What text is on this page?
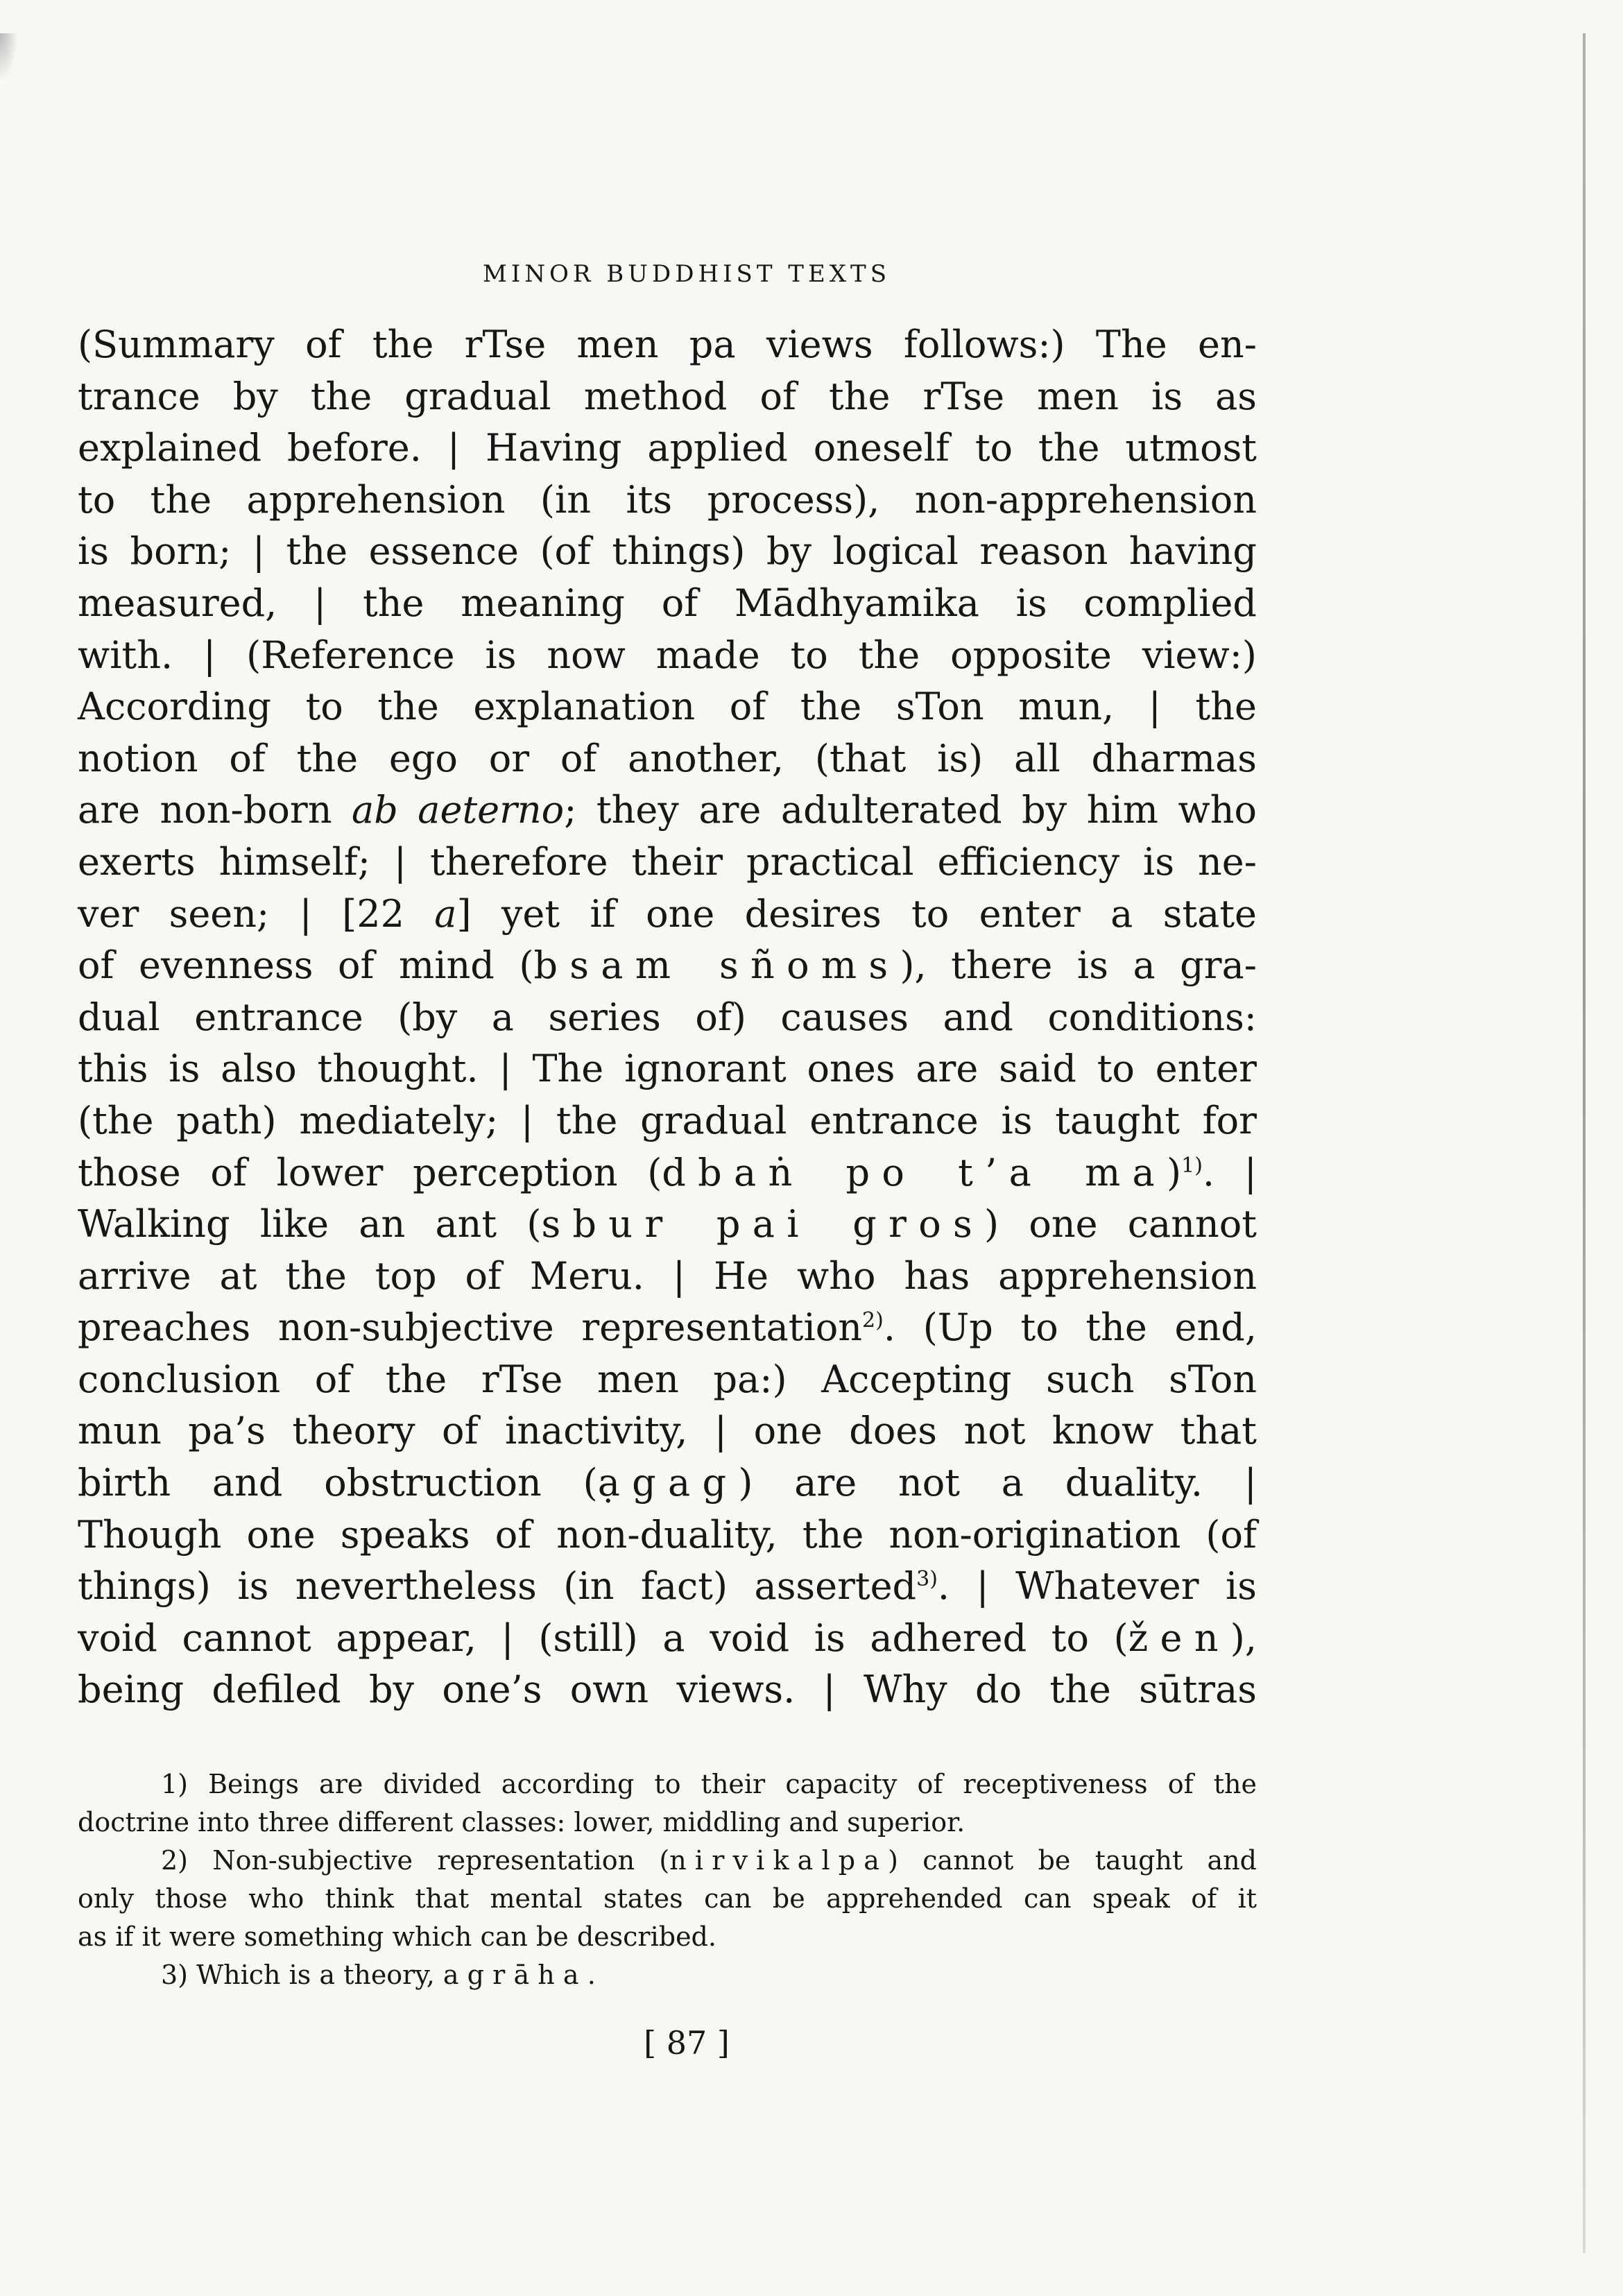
MINOR BUDDHIST TEXTS
(Summary of the rTse men pa views follows:) The en-
trance by the gradual method of the rTse men is as
explained before. | Having applied oneself to the utmost
to the apprehension (in its process), non-apprehension
is born; | the essence (of things) by logical reason having
measured, | the meaning of Mādhyamika is complied
with. | (Reference is now made to the opposite view:)
According to the explanation of the sTon mun, | the
notion of the ego or of another, (that is) all dharmas
are non-born ab aeterno; they are adulterated by him who
exerts himself; | therefore their practical efficiency is ne-
ver seen; | [22 a] yet if one desires to enter a state
of evenness of mind (bsam sñoms), there is a gra-
dual entrance (by a series of) causes and conditions:
this is also thought. | The ignorant ones are said to enter
(the path) mediately; | the gradual entrance is taught for
those of lower perception (dbaṅ po t’a ma)$^{1)}$. |
Walking like an ant (sbur pai gros) one cannot
arrive at the top of Meru. | He who has apprehension
preaches non-subjective representation$^{2)}$. (Up to the end,
conclusion of the rTse men pa:) Accepting such sTon
mun pa’s theory of inactivity, | one does not know that
birth and obstruction (ạgag) are not a duality. |
Though one speaks of non-duality, the non-origination (of
things) is nevertheless (in fact) asserted$^{3)}$. | Whatever is
void cannot appear, | (still) a void is adhered to (žen),
being defiled by one’s own views. | Why do the sūtras
1) Beings are divided according to their capacity of receptiveness of the
doctrine into three different classes: lower, middling and superior.
2) Non-subjective representation (nirvikalpa) cannot be taught and
only those who think that mental states can be apprehended can speak of it
as if it were something which can be described.
3) Which is a theory, a grāha.
[ 87 ]
